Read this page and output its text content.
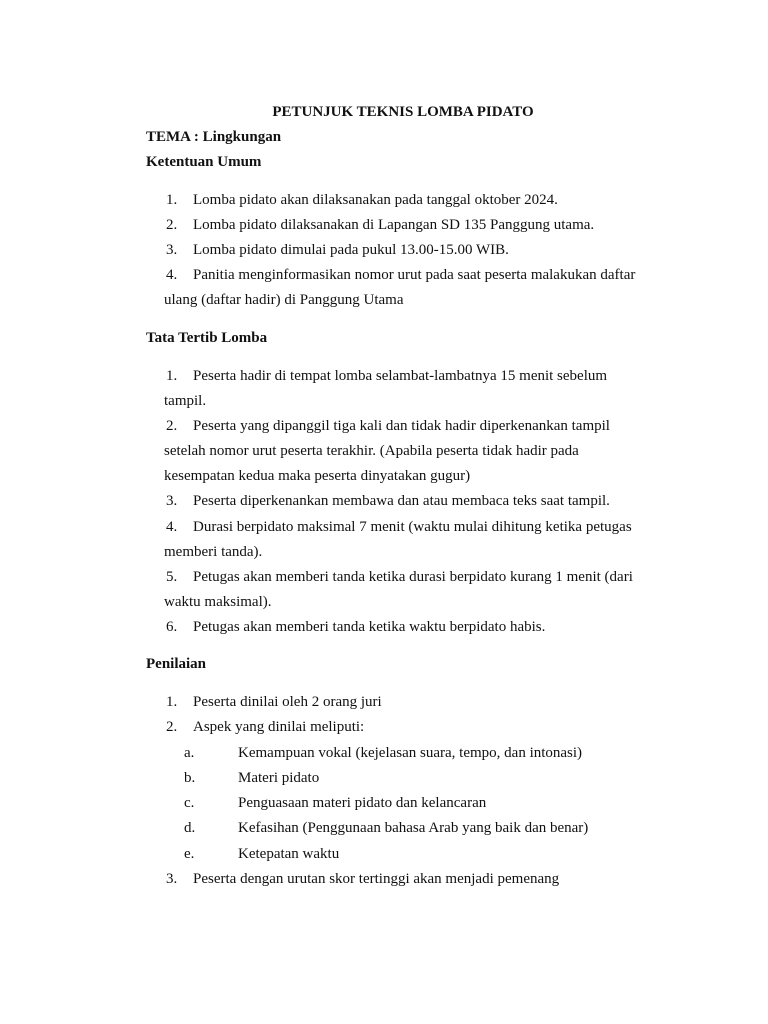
PETUNJUK TEKNIS LOMBA PIDATO
TEMA : Lingkungan
Ketentuan Umum
1. Lomba pidato akan dilaksanakan pada tanggal oktober 2024.
2. Lomba pidato dilaksanakan di Lapangan SD 135 Panggung utama.
3. Lomba pidato dimulai pada pukul 13.00-15.00 WIB.
4. Panitia menginformasikan nomor urut pada saat peserta malakukan daftar
ulang (daftar hadir) di Panggung Utama
Tata Tertib Lomba
1. Peserta hadir di tempat lomba selambat-lambatnya 15 menit sebelum
tampil.
2. Peserta yang dipanggil tiga kali dan tidak hadir diperkenankan tampil
setelah nomor urut peserta terakhir. (Apabila peserta tidak hadir pada
kesempatan kedua maka peserta dinyatakan gugur)
3. Peserta diperkenankan membawa dan atau membaca teks saat tampil.
4. Durasi berpidato maksimal 7 menit (waktu mulai dihitung ketika petugas
memberi tanda).
5. Petugas akan memberi tanda ketika durasi berpidato kurang 1 menit (dari
waktu maksimal).
6. Petugas akan memberi tanda ketika waktu berpidato habis.
Penilaian
1. Peserta dinilai oleh 2 orang juri
2. Aspek yang dinilai meliputi:
a.	Kemampuan vokal (kejelasan suara, tempo, dan intonasi)
b.	Materi pidato
c.	Penguasaan materi pidato dan kelancaran
d.	Kefasihan (Penggunaan bahasa Arab yang baik dan benar)
e.	Ketepatan waktu
3. Peserta dengan urutan skor tertinggi akan menjadi pemenang
